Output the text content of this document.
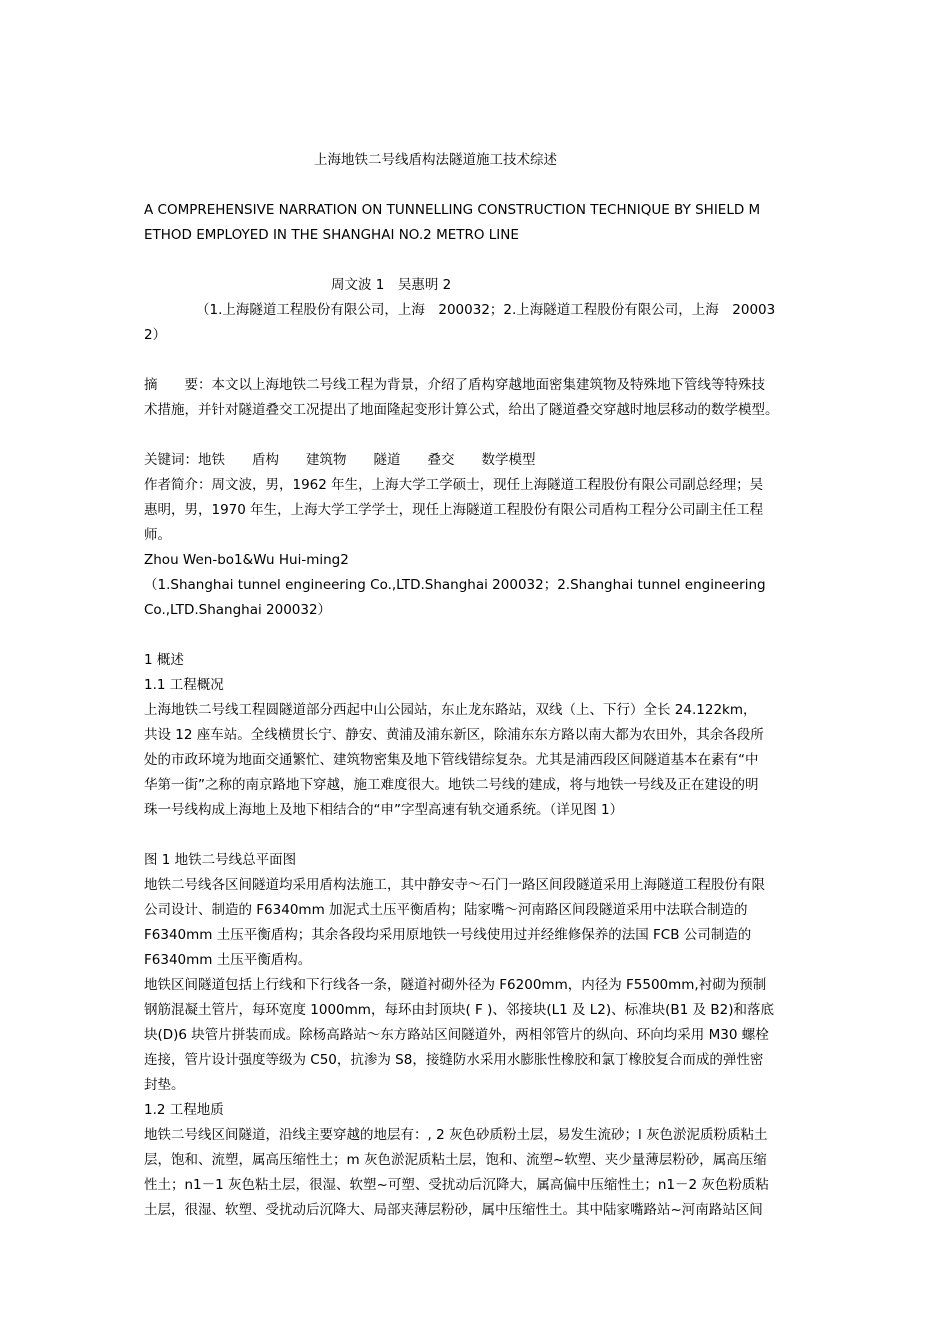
上海地铁二号线盾构法隧道施工技术综述
A COMPREHENSIVE NARRATION ON TUNNELLING CONSTRUCTION TECHNIQUE BY SHIELD M
ETHOD EMPLOYED IN THE SHANGHAI NO.2 METRO LINE
周文波 1　吴惠明 2
（1.上海隧道工程股份有限公司，上海　200032；2.上海隧道工程股份有限公司，上海　20003
2）
摘　　要：本文以上海地铁二号线工程为背景，介绍了盾构穿越地面密集建筑物及特殊地下管线等特殊技
术措施，并针对隧道叠交工况提出了地面隆起变形计算公式，给出了隧道叠交穿越时地层移动的数学模型。
关键词：地铁　　盾构　　建筑物　　隧道　　叠交　　数学模型
作者简介：周文波，男，1962 年生，上海大学工学硕士，现任上海隧道工程股份有限公司副总经理；吴
惠明，男，1970 年生，上海大学工学学士，现任上海隧道工程股份有限公司盾构工程分公司副主任工程
师。
Zhou Wen-bo1&Wu Hui-ming2
（1.Shanghai tunnel engineering Co.,LTD.Shanghai 200032；2.Shanghai tunnel engineering
Co.,LTD.Shanghai 200032）
1 概述
1.1 工程概况
上海地铁二号线工程圆隧道部分西起中山公园站，东止龙东路站，双线（上、下行）全长 24.122km，
共设 12 座车站。全线横贯长宁、静安、黄浦及浦东新区，除浦东东方路以南大都为农田外，其余各段所
处的市政环境为地面交通繁忙、建筑物密集及地下管线错综复杂。尤其是浦西段区间隧道基本在素有“中
华第一街”之称的南京路地下穿越，施工难度很大。地铁二号线的建成，将与地铁一号线及正在建设的明
珠一号线构成上海地上及地下相结合的“申”字型高速有轨交通系统。（详见图 1）
图 1 地铁二号线总平面图
地铁二号线各区间隧道均采用盾构法施工，其中静安寺～石门一路区间段隧道采用上海隧道工程股份有限
公司设计、制造的 F6340mm 加泥式土压平衡盾构；陆家嘴～河南路区间段隧道采用中法联合制造的
F6340mm 土压平衡盾构；其余各段均采用原地铁一号线使用过并经维修保养的法国 FCB 公司制造的
F6340mm 土压平衡盾构。
地铁区间隧道包括上行线和下行线各一条，隧道衬砌外径为 F6200mm，内径为 F5500mm,衬砌为预制
钢筋混凝土管片，每环宽度 1000mm，每环由封顶块( F )、邻接块(L1 及 L2)、标准块(B1 及 B2)和落底
块(D)6 块管片拼装而成。除杨高路站～东方路站区间隧道外，两相邻管片的纵向、环向均采用 M30 螺栓
连接，管片设计强度等级为 C50，抗渗为 S8，接缝防水采用水膨胀性橡胶和氯丁橡胶复合而成的弹性密
封垫。
1.2 工程地质
地铁二号线区间隧道，沿线主要穿越的地层有：, 2 灰色砂质粉土层，易发生流砂；l 灰色淤泥质粉质粘土
层，饱和、流塑，属高压缩性土；m 灰色淤泥质粘土层，饱和、流塑~软塑、夹少量薄层粉砂，属高压缩
性土；n1－1 灰色粘土层，很湿、软塑~可塑、受扰动后沉降大，属高偏中压缩性土；n1－2 灰色粉质粘
土层，很湿、软塑、受扰动后沉降大、局部夹薄层粉砂，属中压缩性土。其中陆家嘴路站~河南路站区间
